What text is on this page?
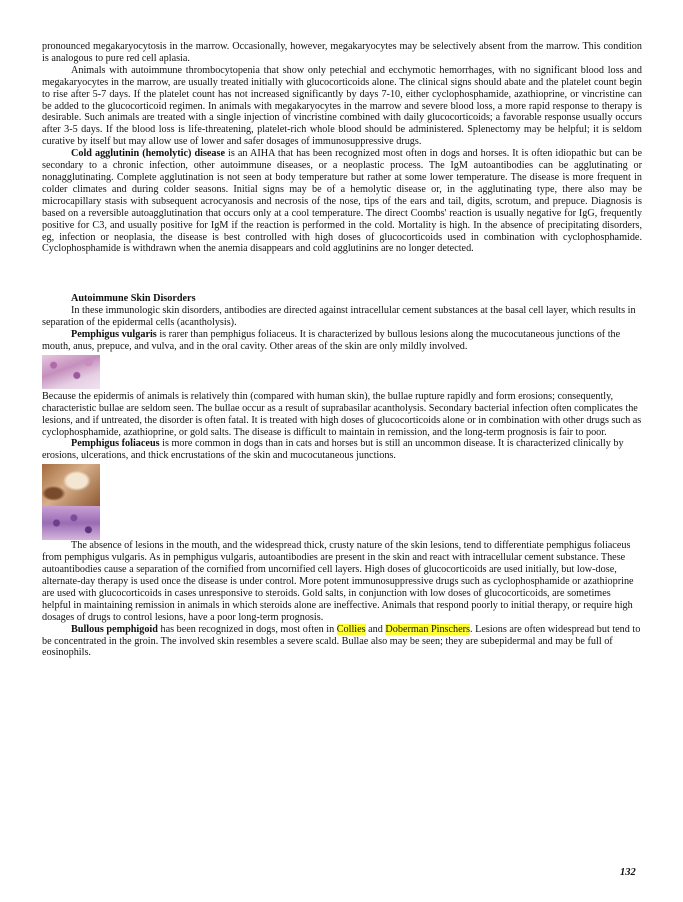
pronounced megakaryocytosis in the marrow. Occasionally, however, megakaryocytes may be selectively absent from the marrow. This condition is analogous to pure red cell aplasia.

Animals with autoimmune thrombocytopenia that show only petechial and ecchymotic hemorrhages, with no significant blood loss and megakaryocytes in the marrow, are usually treated initially with glucocorticoids alone. The clinical signs should abate and the platelet count begin to rise after 5-7 days. If the platelet count has not increased significantly by days 7-10, either cyclophosphamide, azathioprine, or vincristine can be added to the glucocorticoid regimen. In animals with megakaryocytes in the marrow and severe blood loss, a more rapid response to therapy is desirable. Such animals are treated with a single injection of vincristine combined with daily glucocorticoids; a favorable response usually occurs after 3-5 days. If the blood loss is life-threatening, platelet-rich whole blood should be administered. Splenectomy may be helpful; it is seldom curative by itself but may allow use of lower and safer dosages of immunosuppressive drugs.

Cold agglutinin (hemolytic) disease is an AIHA that has been recognized most often in dogs and horses. It is often idiopathic but can be secondary to a chronic infection, other autoimmune diseases, or a neoplastic process. The IgM autoantibodies can be agglutinating or nonagglutinating. Complete agglutination is not seen at body temperature but rather at some lower temperature. The disease is more frequent in colder climates and during colder seasons. Initial signs may be of a hemolytic disease or, in the agglutinating type, there also may be microcapillary stasis with subsequent acrocyanosis and necrosis of the nose, tips of the ears and tail, digits, scrotum, and prepuce. Diagnosis is based on a reversible autoagglutination that occurs only at a cool temperature. The direct Coombs' reaction is usually negative for IgG, frequently positive for C3, and usually positive for IgM if the reaction is performed in the cold. Mortality is high. In the absence of precipitating disorders, eg, infection or neoplasia, the disease is best controlled with high doses of glucocorticoids used in combination with cyclophosphamide. Cyclophosphamide is withdrawn when the anemia disappears and cold agglutinins are no longer detected.

Autoimmune Skin Disorders

In these immunologic skin disorders, antibodies are directed against intracellular cement substances at the basal cell layer, which results in separation of the epidermal cells (acantholysis).

Pemphigus vulgaris is rarer than pemphigus foliaceus. It is characterized by bullous lesions along the mucocutaneous junctions of the mouth, anus, prepuce, and vulva, and in the oral cavity. Other areas of the skin are only mildly involved.

Because the epidermis of animals is relatively thin (compared with human skin), the bullae rupture rapidly and form erosions; consequently, characteristic bullae are seldom seen. The bullae occur as a result of suprabasilar acantholysis. Secondary bacterial infection often complicates the lesions, and if untreated, the disorder is often fatal. It is treated with high doses of glucocorticoids alone or in combination with other drugs such as cyclophosphamide, azathioprine, or gold salts. The disease is difficult to maintain in remission, and the long-term prognosis is fair to poor.

Pemphigus foliaceus is more common in dogs than in cats and horses but is still an uncommon disease. It is characterized clinically by erosions, ulcerations, and thick encrustations of the skin and mucocutaneous junctions.

The absence of lesions in the mouth, and the widespread thick, crusty nature of the skin lesions, tend to differentiate pemphigus foliaceus from pemphigus vulgaris. As in pemphigus vulgaris, autoantibodies are present in the skin and react with intracellular cement substance. These autoantibodies cause a separation of the cornified from uncornified cell layers. High doses of glucocorticoids are used initially, but low-dose, alternate-day therapy is used once the disease is under control. More potent immunosuppressive drugs such as cyclophosphamide or azathioprine are used with glucocorticoids in cases unresponsive to steroids. Gold salts, in conjunction with low doses of glucocorticoids, are sometimes helpful in maintaining remission in animals in which steroids alone are ineffective. Animals that respond poorly to initial therapy, or require high dosages of drugs to control lesions, have a poor long-term prognosis.

Bullous pemphigoid has been recognized in dogs, most often in Collies and Doberman Pinschers. Lesions are often widespread but tend to be concentrated in the groin. The involved skin resembles a severe scald. Bullae also may be seen; they are subepidermal and may be full of eosinophils.

132
